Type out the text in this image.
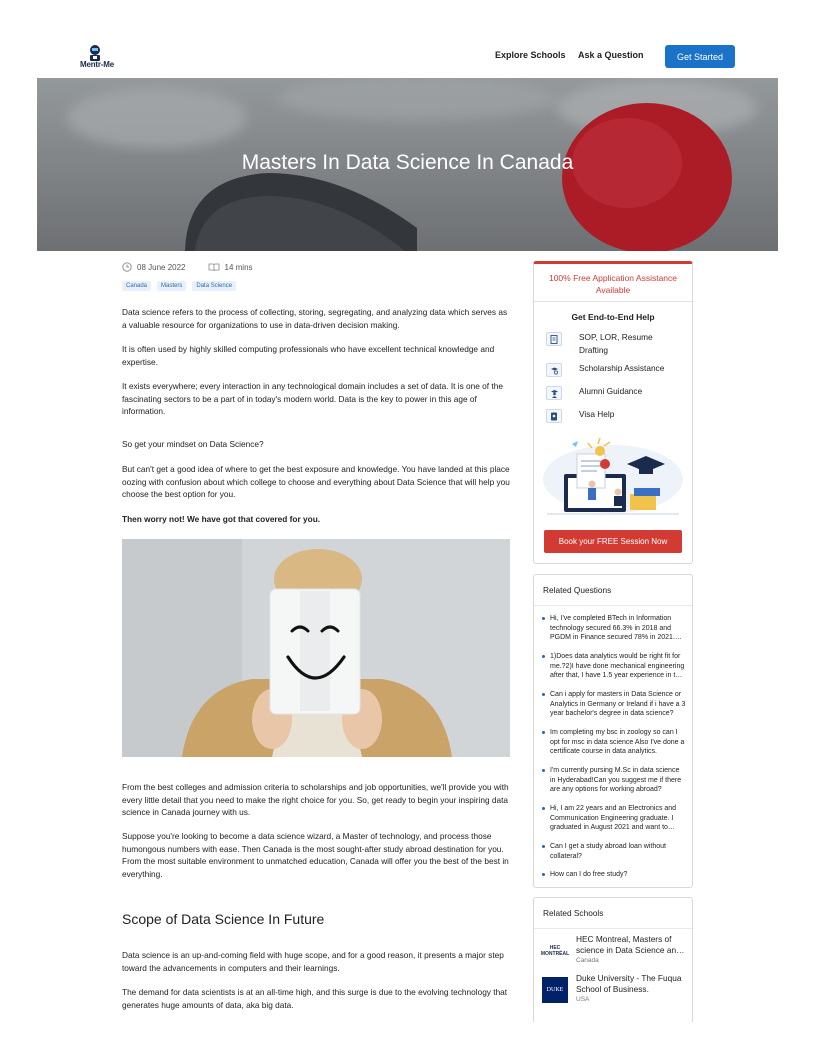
Mentr-Me
Explore Schools Ask a Question	Get Started
Masters In Data Science In Canada
08 June 2022	14 mins
Canada	Masters	Data Science
Data science refers to the process of collecting, storing, segregating, and analyzing data which serves as a valuable resource for organizations to use in data-driven decision making.
It is often used by highly skilled computing professionals who have excellent technical knowledge and expertise.
It exists everywhere; every interaction in any technological domain includes a set of data. It is one of the fascinating sectors to be a part of in today's modern world. Data is the key to power in this age of information.
So get your mindset on Data Science?
But can't get a good idea of where to get the best exposure and knowledge. You have landed at this place oozing with confusion about which college to choose and everything about Data Science that will help you choose the best option for you.
Then worry not! We have got that covered for you.
From the best colleges and admission criteria to scholarships and job opportunities, we'll provide you with every little detail that you need to make the right choice for you. So, get ready to begin your inspiring data science in Canada journey with us.
Suppose you're looking to become a data science wizard, a Master of technology, and process those humongous numbers with ease. Then Canada is the most sought-after study abroad destination for you. From the most suitable environment to unmatched education, Canada will offer you the best of the best in everything.
Scope of Data Science In Future
Data science is an up-and-coming field with huge scope, and for a good reason, it presents a major step toward the advancements in computers and their learnings.
The demand for data scientists is at an all-time high, and this surge is due to the evolving technology that generates huge amounts of data, aka big data.
100% Free Application Assistance Available
Get End-to-End Help
SOP, LOR, Resume Drafting
Scholarship Assistance
Alumni Guidance
Visa Help
Book your FREE Session Now
Related Questions
Hi, I've completed BTech in Information technology secured 66.3% in 2018 and PGDM in Finance secured 78% in 2021.
1)Does data analytics would be right fit for me.?2)I have done mechanical engineering after that, I have 1.5 year experience in the
Can i apply for masters in Data Science or Analytics in Germany or Ireland if i have a 3 year bachelor's degree in data science?
Im completing my bsc in zoology so can I opt for msc in data science Also I've done a certificate course in data analytics.
I'm currently pursing M.Sc in data science in Hyderabad!Can you suggest me if there are any options for working abroad?
Hi, I am 22 years and an Electronics and Communication Engineering graduate. I graduated in August 2021 and want to
Can I get a study abroad loan without collateral?
How can I do free study?
Related Schools
HEC MONTRÉAL
HEC Montreal, Masters of science in Data Science and
Canada
DUKE
Duke University - The Fuqua School of Business.
USA
